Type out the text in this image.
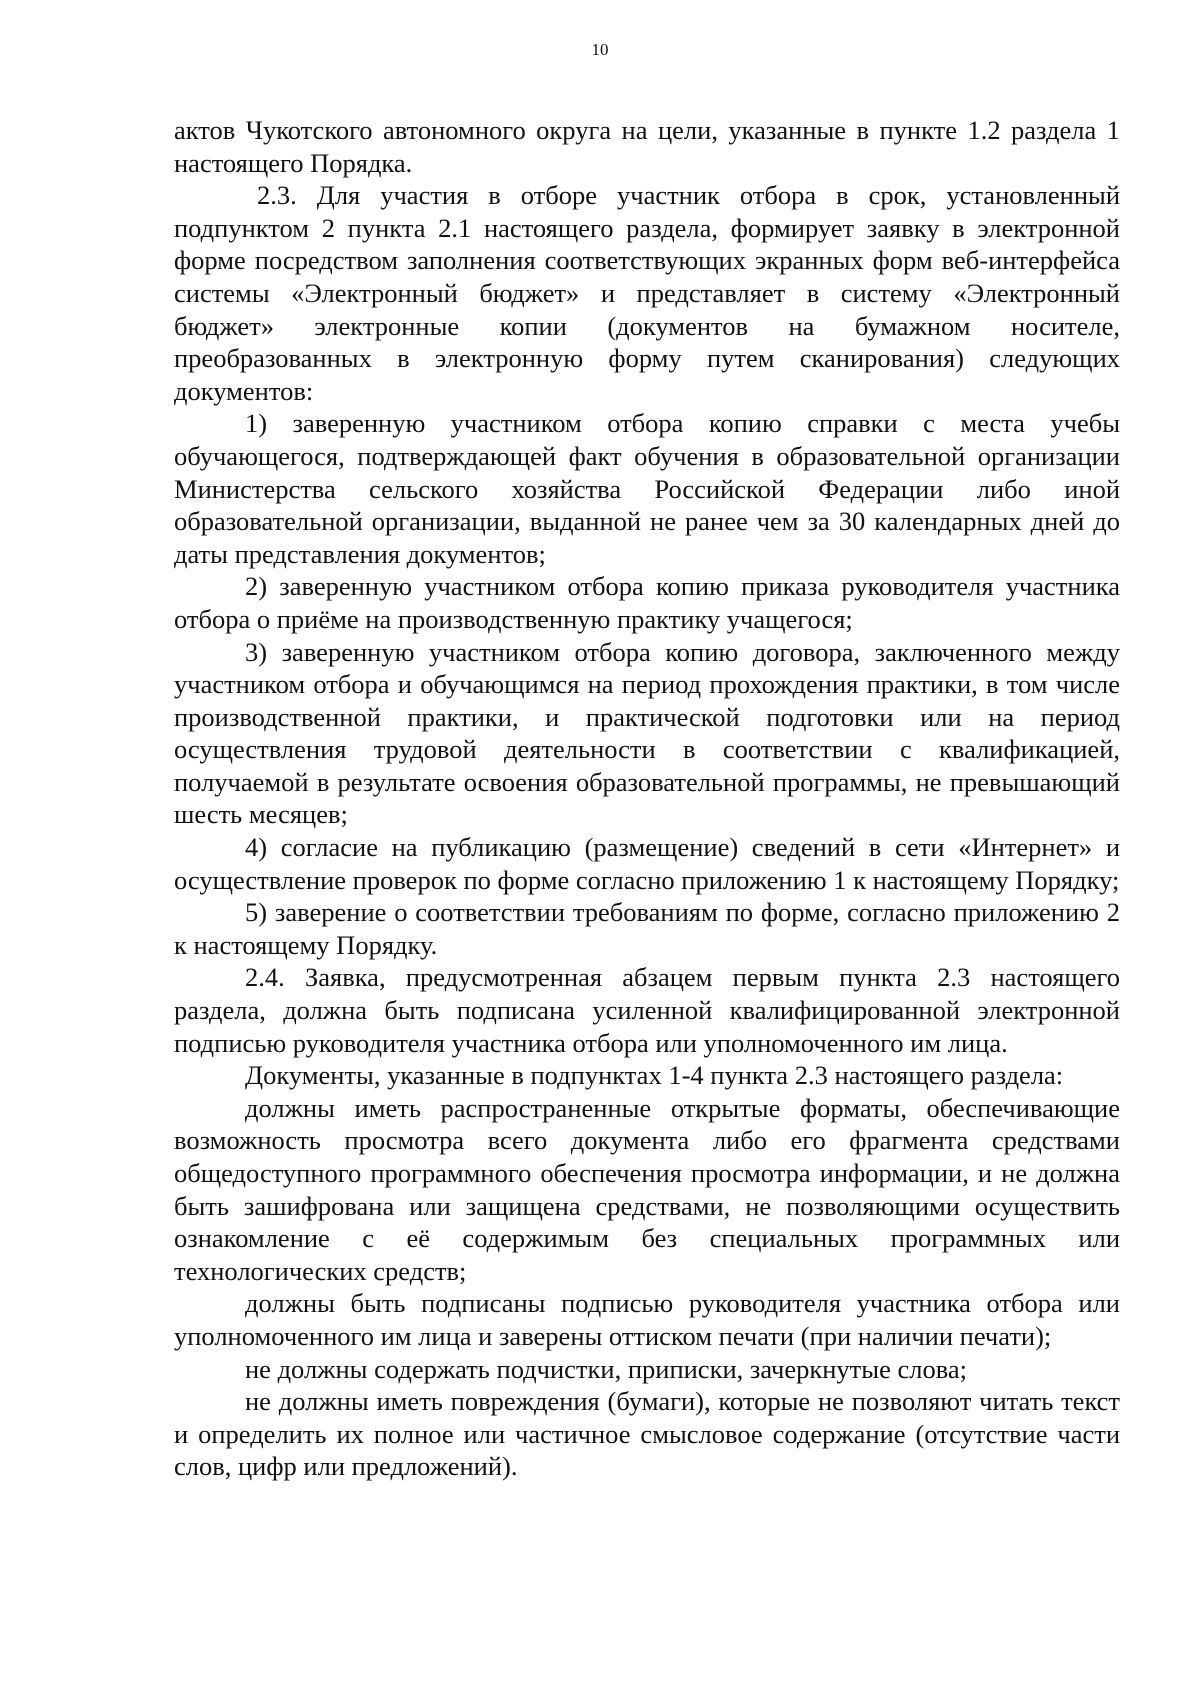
10

актов Чукотского автономного округа на цели, указанные в пункте 1.2 раздела 1 настоящего Порядка.

2.3. Для участия в отборе участник отбора в срок, установленный подпунктом 2 пункта 2.1 настоящего раздела, формирует заявку в электронной форме посредством заполнения соответствующих экранных форм веб-интерфейса системы «Электронный бюджет» и представляет в систему «Электронный бюджет» электронные копии (документов на бумажном носителе, преобразованных в электронную форму путем сканирования) следующих документов:

1) заверенную участником отбора копию справки с места учебы обучающегося, подтверждающей факт обучения в образовательной организации Министерства сельского хозяйства Российской Федерации либо иной образовательной организации, выданной не ранее чем за 30 календарных дней до даты представления документов;

2) заверенную участником отбора копию приказа руководителя участника отбора о приёме на производственную практику учащегося;

3) заверенную участником отбора копию договора, заключенного между участником отбора и обучающимся на период прохождения практики, в том числе производственной практики, и практической подготовки или на период осуществления трудовой деятельности в соответствии с квалификацией, получаемой в результате освоения образовательной программы, не превышающий шесть месяцев;

4) согласие на публикацию (размещение) сведений в сети «Интернет» и осуществление проверок по форме согласно приложению 1 к настоящему Порядку;

5) заверение о соответствии требованиям по форме, согласно приложению 2 к настоящему Порядку.

2.4. Заявка, предусмотренная абзацем первым пункта 2.3 настоящего раздела, должна быть подписана усиленной квалифицированной электронной подписью руководителя участника отбора или уполномоченного им лица.

Документы, указанные в подпунктах 1-4 пункта 2.3 настоящего раздела:

должны иметь распространенные открытые форматы, обеспечивающие возможность просмотра всего документа либо его фрагмента средствами общедоступного программного обеспечения просмотра информации, и не должна быть зашифрована или защищена средствами, не позволяющими осуществить ознакомление с её содержимым без специальных программных или технологических средств;

должны быть подписаны подписью руководителя участника отбора или уполномоченного им лица и заверены оттиском печати (при наличии печати);

не должны содержать подчистки, приписки, зачеркнутые слова;

не должны иметь повреждения (бумаги), которые не позволяют читать текст и определить их полное или частичное смысловое содержание (отсутствие части слов, цифр или предложений).
